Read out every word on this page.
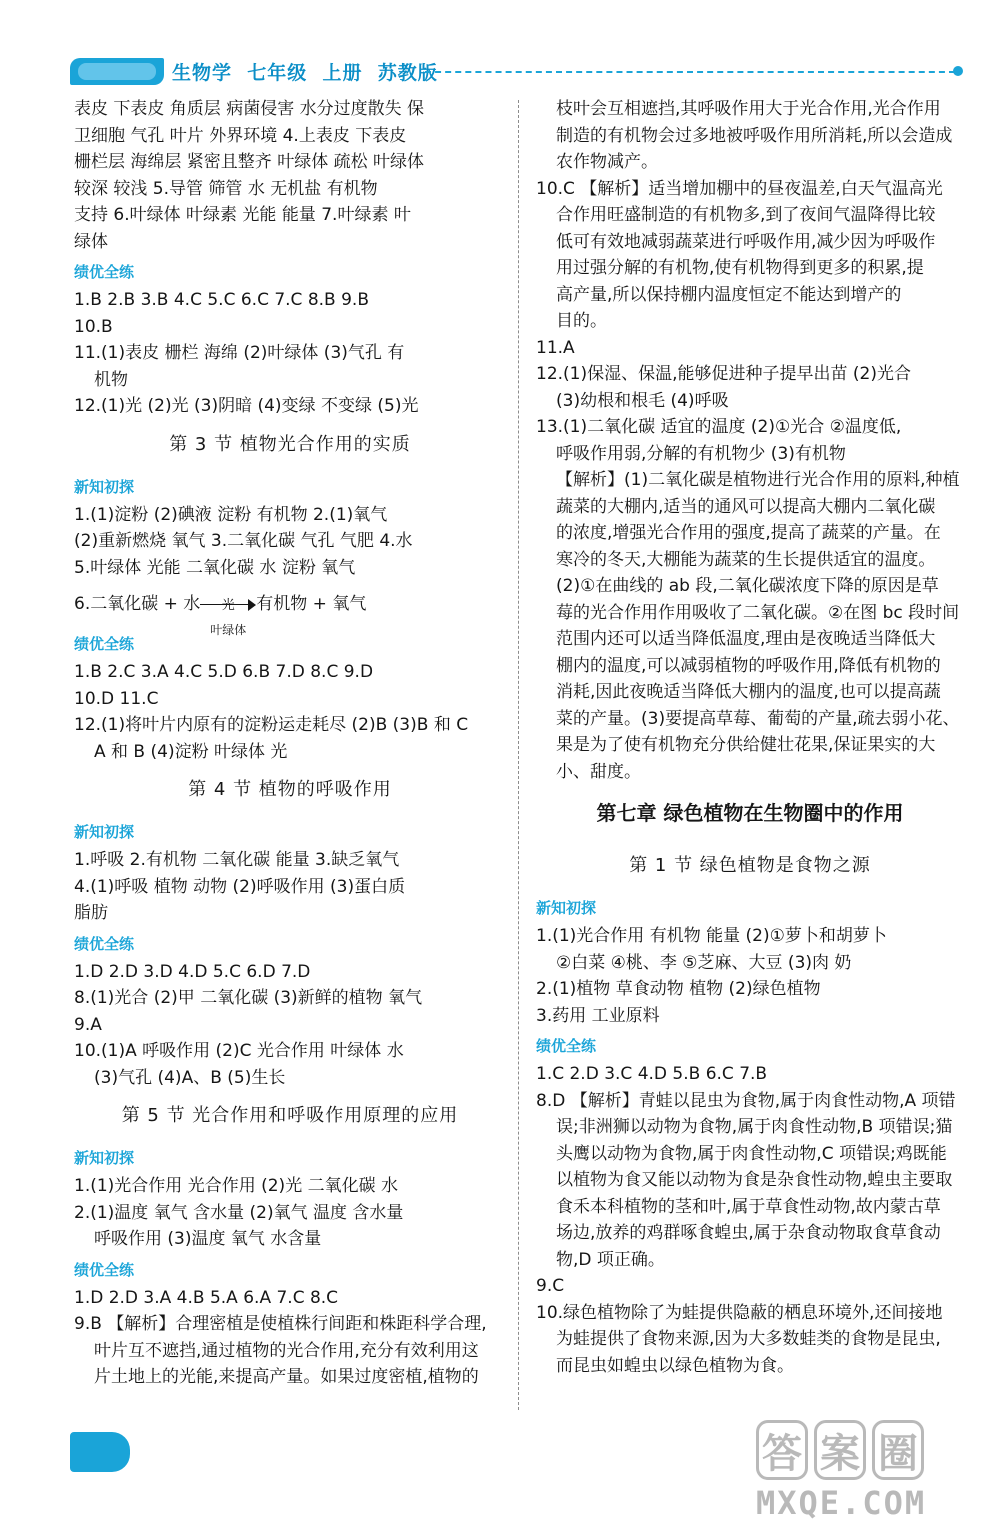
生物学  七年级  上册  苏教版
表皮 下表皮 角质层 病菌侵害 水分过度散失 保
卫细胞 气孔 叶片 外界环境 4.上表皮 下表皮
栅栏层 海绵层 紧密且整齐 叶绿体 疏松 叶绿体
较深 较浅 5.导管 筛管 水 无机盐 有机物
支持 6.叶绿体 叶绿素 光能 能量 7.叶绿素 叶
绿体
绩优全练
1.B 2.B 3.B 4.C 5.C 6.C 7.C 8.B 9.B
10.B
11.(1)表皮 栅栏 海绵 (2)叶绿体 (3)气孔 有
机物
12.(1)光 (2)光 (3)阴暗 (4)变绿 不变绿 (5)光
第 3 节 植物光合作用的实质
新知初探
1.(1)淀粉 (2)碘液 淀粉 有机物 2.(1)氧气
(2)重新燃烧 氧气 3.二氧化碳 气孔 气肥 4.水
5.叶绿体 光能 二氧化碳 水 淀粉 氧气
6.二氧化碳 + 水	光
叶绿体
有机物 + 氧气
绩优全练
1.B 2.C 3.A 4.C 5.D 6.B 7.D 8.C 9.D
10.D 11.C
12.(1)将叶片内原有的淀粉运走耗尽 (2)B (3)B 和 C
A 和 B (4)淀粉 叶绿体 光
第 4 节 植物的呼吸作用
新知初探
1.呼吸 2.有机物 二氧化碳 能量 3.缺乏氧气
4.(1)呼吸 植物 动物 (2)呼吸作用 (3)蛋白质
脂肪
绩优全练
1.D 2.D 3.D 4.D 5.C 6.D 7.D
8.(1)光合 (2)甲 二氧化碳 (3)新鲜的植物 氧气
9.A
10.(1)A 呼吸作用 (2)C 光合作用 叶绿体 水
(3)气孔 (4)A、B (5)生长
第 5 节 光合作用和呼吸作用原理的应用
新知初探
1.(1)光合作用 光合作用 (2)光 二氧化碳 水
2.(1)温度 氧气 含水量 (2)氧气 温度 含水量
呼吸作用 (3)温度 氧气 水含量
绩优全练
1.D 2.D 3.A 4.B 5.A 6.A 7.C 8.C
9.B 【解析】合理密植是使植株行间距和株距科学合理,
叶片互不遮挡,通过植物的光合作用,充分有效利用这
片土地上的光能,来提高产量。如果过度密植,植物的
枝叶会互相遮挡,其呼吸作用大于光合作用,光合作用
制造的有机物会过多地被呼吸作用所消耗,所以会造成
农作物减产。
10.C 【解析】适当增加棚中的昼夜温差,白天气温高光
合作用旺盛制造的有机物多,到了夜间气温降得比较
低可有效地减弱蔬菜进行呼吸作用,减少因为呼吸作
用过强分解的有机物,使有机物得到更多的积累,提
高产量,所以保持棚内温度恒定不能达到增产的
目的。
11.A
12.(1)保湿、保温,能够促进种子提早出苗 (2)光合
(3)幼根和根毛 (4)呼吸
13.(1)二氧化碳 适宜的温度 (2)①光合 ②温度低,
呼吸作用弱,分解的有机物少 (3)有机物
【解析】(1)二氧化碳是植物进行光合作用的原料,种植
蔬菜的大棚内,适当的通风可以提高大棚内二氧化碳
的浓度,增强光合作用的强度,提高了蔬菜的产量。在
寒冷的冬天,大棚能为蔬菜的生长提供适宜的温度。
(2)①在曲线的 ab 段,二氧化碳浓度下降的原因是草
莓的光合作用作用吸收了二氧化碳。②在图 bc 段时间
范围内还可以适当降低温度,理由是夜晚适当降低大
棚内的温度,可以减弱植物的呼吸作用,降低有机物的
消耗,因此夜晚适当降低大棚内的温度,也可以提高蔬
菜的产量。(3)要提高草莓、葡萄的产量,疏去弱小花、
果是为了使有机物充分供给健壮花果,保证果实的大
小、甜度。
第七章 绿色植物在生物圈中的作用
第 1 节 绿色植物是食物之源
新知初探
1.(1)光合作用 有机物 能量 (2)①萝卜和胡萝卜
②白菜 ④桃、李 ⑤芝麻、大豆 (3)肉 奶
2.(1)植物 草食动物 植物 (2)绿色植物
3.药用 工业原料
绩优全练
1.C 2.D 3.C 4.D 5.B 6.C 7.B
8.D 【解析】青蛙以昆虫为食物,属于肉食性动物,A 项错
误;非洲狮以动物为食物,属于肉食性动物,B 项错误;猫
头鹰以动物为食物,属于肉食性动物,C 项错误;鸡既能
以植物为食又能以动物为食是杂食性动物,蝗虫主要取
食禾本科植物的茎和叶,属于草食性动物,故内蒙古草
场边,放养的鸡群啄食蝗虫,属于杂食动物取食草食动
物,D 项正确。
9.C
10.绿色植物除了为蛙提供隐蔽的栖息环境外,还间接地
为蛙提供了食物来源,因为大多数蛙类的食物是昆虫,
而昆虫如蝗虫以绿色植物为食。
答 案 圈
MXQE.COM
